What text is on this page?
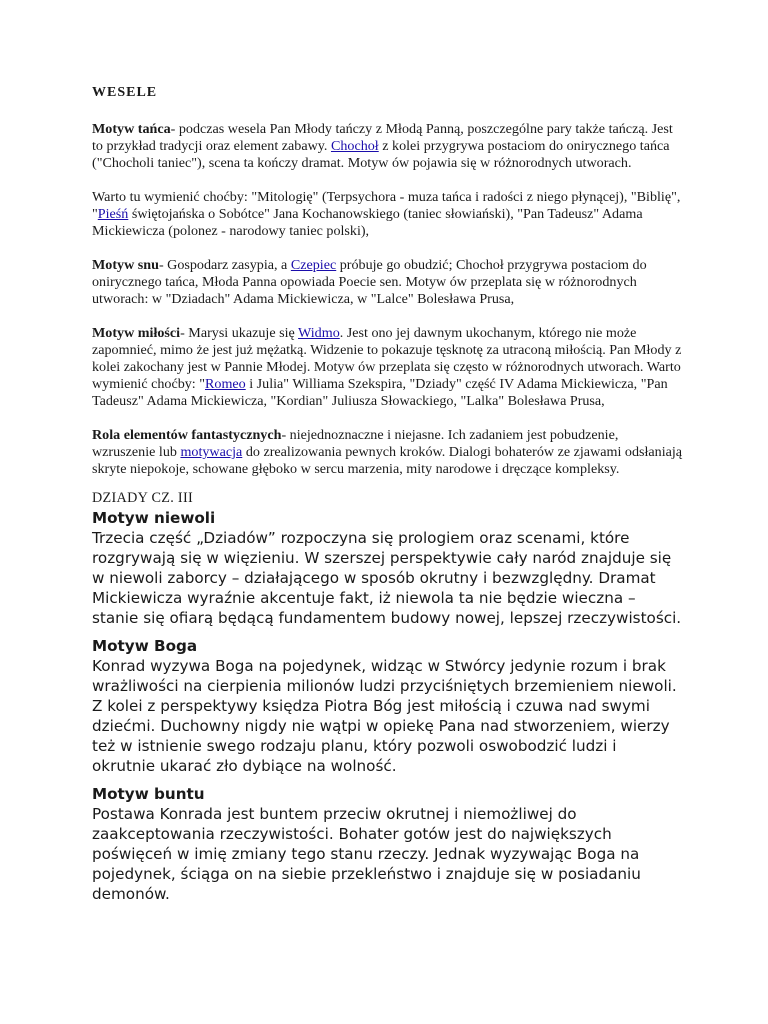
WESELE

Motyw tańca- podczas wesela Pan Młody tańczy z Młodą Panną, poszczególne pary także tańczą. Jest to przykład tradycji oraz element zabawy. Chochoł z kolei przygrywa postaciom do onirycznego tańca ("Chocholi taniec"), scena ta kończy dramat. Motyw ów pojawia się w różnorodnych utworach.

Warto tu wymienić choćby: "Mitologię" (Terpsychora - muza tańca i radości z niego płynącej), "Biblię", "Pieśń świętojańska o Sobótce" Jana Kochanowskiego (taniec słowiański), "Pan Tadeusz" Adama Mickiewicza (polonez - narodowy taniec polski),

Motyw snu- Gospodarz zasypia, a Czepiec próbuje go obudzić; Chochoł przygrywa postaciom do onirycznego tańca, Młoda Panna opowiada Poecie sen. Motyw ów przeplata się w różnorodnych utworach: w "Dziadach" Adama Mickiewicza, w "Lalce" Bolesława Prusa,

Motyw miłości- Marysi ukazuje się Widmo. Jest ono jej dawnym ukochanym, którego nie może zapomnieć, mimo że jest już mężatką. Widzenie to pokazuje tęsknotę za utraconą miłością. Pan Młody z kolei zakochany jest w Pannie Młodej. Motyw ów przeplata się często w różnorodnych utworach. Warto wymienić choćby: "Romeo i Julia" Williama Szekspira, "Dziady" część IV Adama Mickiewicza, "Pan Tadeusz" Adama Mickiewicza, "Kordian" Juliusza Słowackiego, "Lalka" Bolesława Prusa,

Rola elementów fantastycznych- niejednoznaczne i niejasne. Ich zadaniem jest pobudzenie, wzruszenie lub motywacja do zrealizowania pewnych kroków. Dialogi bohaterów ze zjawami odsłaniają skryte niepokoje, schowane głęboko w sercu marzenia, mity narodowe i dręczące kompleksy.

DZIADY CZ. III
Motyw niewoli

Trzecia część „Dziadów” rozpoczyna się prologiem oraz scenami, które rozgrywają się w więzieniu. W szerszej perspektywie cały naród znajduje się w niewoli zaborcy – działającego w sposób okrutny i bezwzględny. Dramat Mickiewicza wyraźnie akcentuje fakt, iż niewola ta nie będzie wieczna – stanie się ofiarą będącą fundamentem budowy nowej, lepszej rzeczywistości.

Motyw Boga

Konrad wyzywa Boga na pojedynek, widząc w Stwórcy jedynie rozum i brak wrażliwości na cierpienia milionów ludzi przyciśniętych brzemieniem niewoli. Z kolei z perspektywy księdza Piotra Bóg jest miłością i czuwa nad swymi dziećmi. Duchowny nigdy nie wątpi w opiekę Pana nad stworzeniem, wierzy też w istnienie swego rodzaju planu, który pozwoli oswobodzić ludzi i okrutnie ukarać zło dybiące na wolność.

Motyw buntu

Postawa Konrada jest buntem przeciw okrutnej i niemożliwej do zaakceptowania rzeczywistości. Bohater gotów jest do największych poświęceń w imię zmiany tego stanu rzeczy. Jednak wyzywając Boga na pojedynek, ściąga on na siebie przekleństwo i znajduje się w posiadaniu demonów.
